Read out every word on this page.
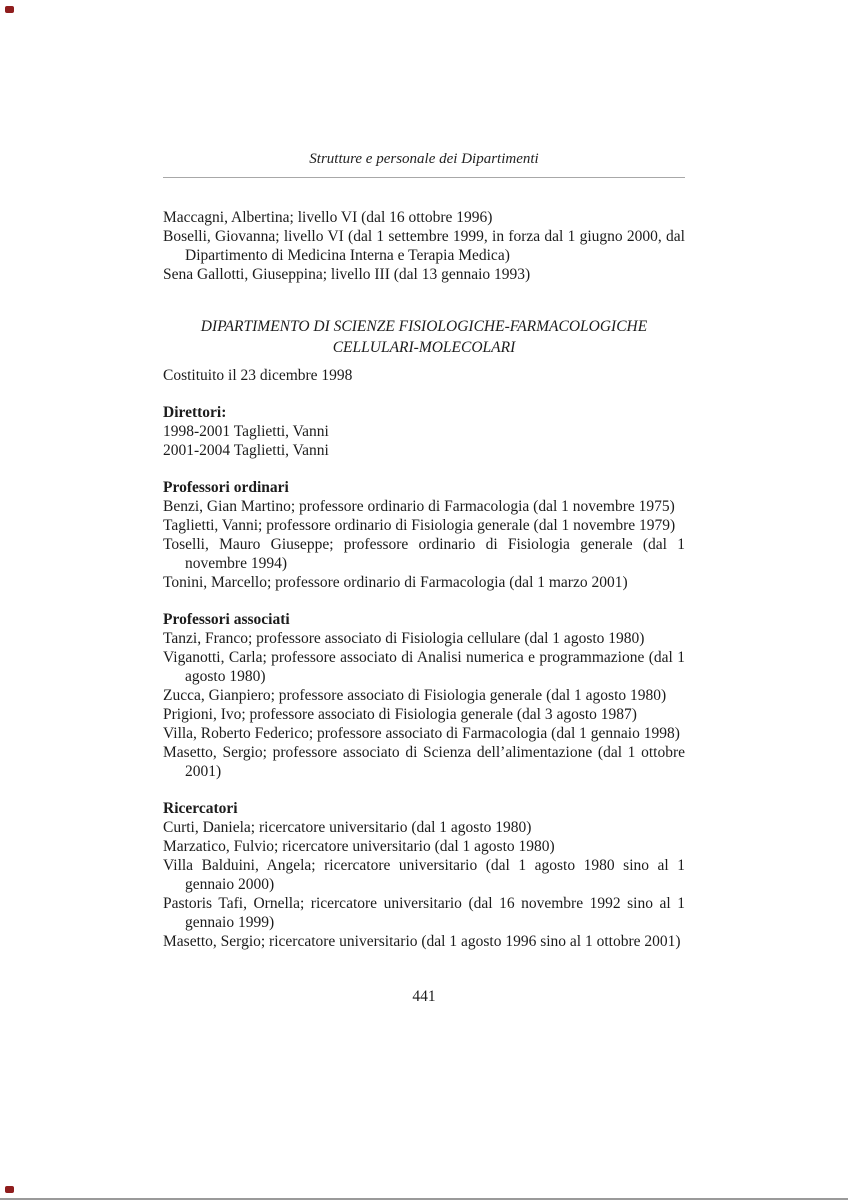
Strutture e personale dei Dipartimenti

Maccagni, Albertina; livello VI (dal 16 ottobre 1996)

Boselli, Giovanna; livello VI (dal 1 settembre 1999, in forza dal 1 giugno 2000, dal Dipartimento di Medicina Interna e Terapia Medica)

Sena Gallotti, Giuseppina; livello III (dal 13 gennaio 1993)

DIPARTIMENTO DI SCIENZE FISIOLOGICHE-FARMACOLOGICHE
CELLULARI-MOLECOLARI

Costituito il 23 dicembre 1998

Direttori:

1998-2001 Taglietti, Vanni

2001-2004 Taglietti, Vanni

Professori ordinari

Benzi, Gian Martino; professore ordinario di Farmacologia (dal 1 novembre 1975)

Taglietti, Vanni; professore ordinario di Fisiologia generale (dal 1 novembre 1979)

Toselli, Mauro Giuseppe; professore ordinario di Fisiologia generale (dal 1 novembre 1994)

Tonini, Marcello; professore ordinario di Farmacologia (dal 1 marzo 2001)

Professori associati

Tanzi, Franco; professore associato di Fisiologia cellulare (dal 1 agosto 1980)

Viganotti, Carla; professore associato di Analisi numerica e programmazione (dal 1 agosto 1980)

Zucca, Gianpiero; professore associato di Fisiologia generale (dal 1 agosto 1980)

Prigioni, Ivo; professore associato di Fisiologia generale (dal 3 agosto 1987)

Villa, Roberto Federico; professore associato di Farmacologia (dal 1 gennaio 1998)

Masetto, Sergio; professore associato di Scienza dell’alimentazione (dal 1 ottobre 2001)

Ricercatori

Curti, Daniela; ricercatore universitario (dal 1 agosto 1980)

Marzatico, Fulvio; ricercatore universitario (dal 1 agosto 1980)

Villa Balduini, Angela; ricercatore universitario (dal 1 agosto 1980 sino al 1 gennaio 2000)

Pastoris Tafi, Ornella; ricercatore universitario (dal 16 novembre 1992 sino al 1 gennaio 1999)

Masetto, Sergio; ricercatore universitario (dal 1 agosto 1996 sino al 1 ottobre 2001)

441
